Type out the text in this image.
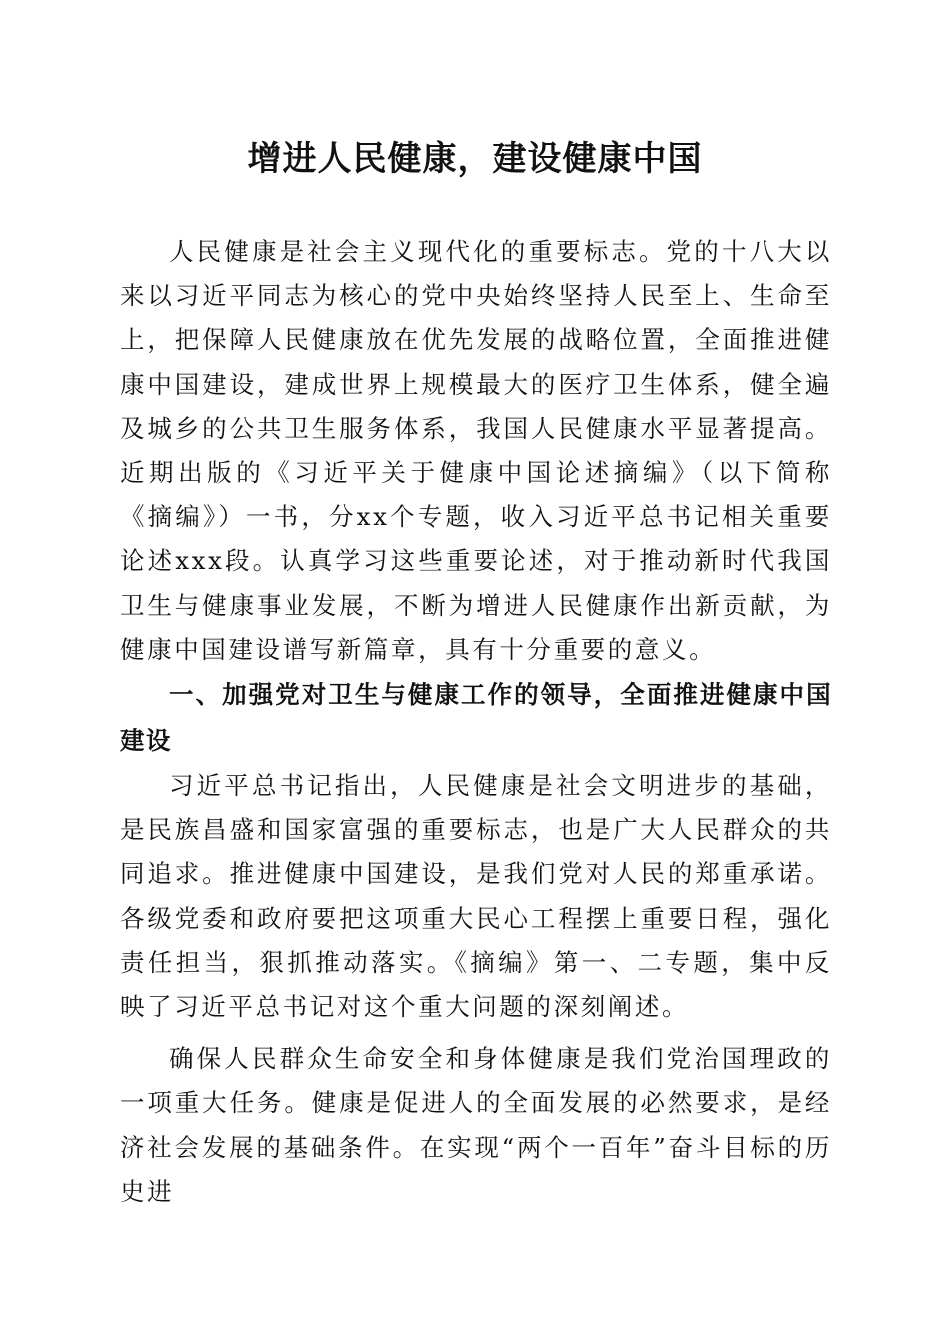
增进人民健康，建设健康中国

人民健康是社会主义现代化的重要标志。党的十八大以来以习近平同志为核心的党中央始终坚持人民至上、生命至上，把保障人民健康放在优先发展的战略位置，全面推进健康中国建设，建成世界上规模最大的医疗卫生体系，健全遍及城乡的公共卫生服务体系，我国人民健康水平显著提高。近期出版的《习近平关于健康中国论述摘编》（以下简称《摘编》）一书，分xx个专题，收入习近平总书记相关重要论述xxx段。认真学习这些重要论述，对于推动新时代我国卫生与健康事业发展，不断为增进人民健康作出新贡献，为健康中国建设谱写新篇章，具有十分重要的意义。

一、加强党对卫生与健康工作的领导，全面推进健康中国建设

习近平总书记指出，人民健康是社会文明进步的基础，是民族昌盛和国家富强的重要标志，也是广大人民群众的共同追求。推进健康中国建设，是我们党对人民的郑重承诺。各级党委和政府要把这项重大民心工程摆上重要日程，强化责任担当，狠抓推动落实。《摘编》第一、二专题，集中反映了习近平总书记对这个重大问题的深刻阐述。

确保人民群众生命安全和身体健康是我们党治国理政的一项重大任务。健康是促进人的全面发展的必然要求，是经济社会发展的基础条件。在实现“两个一百年”奋斗目标的历史进
